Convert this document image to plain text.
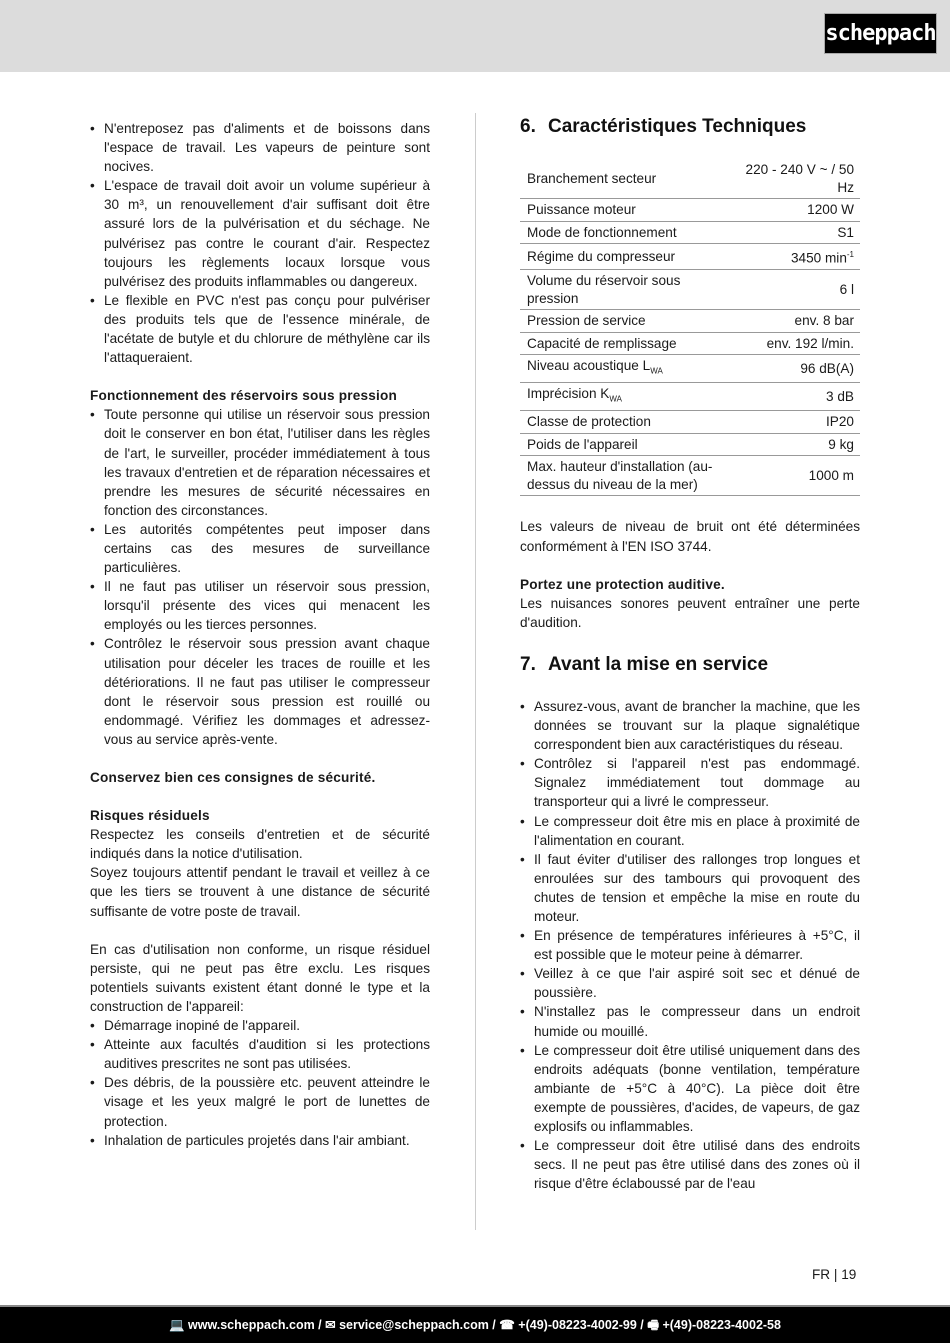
scheppach
• N'entreposez pas d'aliments et de boissons dans l'espace de travail. Les vapeurs de peinture sont nocives.
• L'espace de travail doit avoir un volume supérieur à 30 m³, un renouvellement d'air suffisant doit être assuré lors de la pulvérisation et du séchage. Ne pulvérisez pas contre le courant d'air. Respectez toujours les règlements locaux lorsque vous pulvérisez des produits inflammables ou dangereux.
• Le flexible en PVC n'est pas conçu pour pulvériser des produits tels que de l'essence minérale, de l'acétate de butyle et du chlorure de méthylène car ils l'attaqueraient.

Fonctionnement des réservoirs sous pression

• Toute personne qui utilise un réservoir sous pression doit le conserver en bon état, l'utiliser dans les règles de l'art, le surveiller, procéder immédiatement à tous les travaux d'entretien et de réparation nécessaires et prendre les mesures de sécurité nécessaires en fonction des circonstances.
• Les autorités compétentes peut imposer dans certains cas des mesures de surveillance particulières.
• Il ne faut pas utiliser un réservoir sous pression, lorsqu'il présente des vices qui menacent les employés ou les tierces personnes.
• Contrôlez le réservoir sous pression avant chaque utilisation pour déceler les traces de rouille et les détériorations. Il ne faut pas utiliser le compresseur dont le réservoir sous pression est rouillé ou endommagé. Vérifiez les dommages et adressez-vous au service après-vente.

Conservez bien ces consignes de sécurité.

Risques résiduels

Respectez les conseils d'entretien et de sécurité indiqués dans la notice d'utilisation.

Soyez toujours attentif pendant le travail et veillez à ce que les tiers se trouvent à une distance de sécurité suffisante de votre poste de travail.

En cas d'utilisation non conforme, un risque résiduel persiste, qui ne peut pas être exclu. Les risques potentiels suivants existent étant donné le type et la construction de l'appareil:

• Démarrage inopiné de l'appareil.
• Atteinte aux facultés d'audition si les protections auditives prescrites ne sont pas utilisées.
• Des débris, de la poussière etc. peuvent atteindre le visage et les yeux malgré le port de lunettes de protection.
• Inhalation de particules projetés dans l'air ambiant.
6. Caractéristiques Techniques
Branchement secteur	220 - 240 V ~ / 50 Hz
Puissance moteur	1200 W
Mode de fonctionnement	S1
Régime du compresseur	3450 $\min^{-1}$
Volume du réservoir sous pression	6 l
Pression de service	env. 8 bar
Capacité de remplissage	env. 192 l/min.
Niveau acoustique $L_{WA}$	96 dB(A)
Imprécision $K_{WA}$	3 dB
Classe de protection	IP20
Poids de l'appareil	9 kg
Max. hauteur d'installation (au-dessus du niveau de la mer)	1000 m

Les valeurs de niveau de bruit ont été déterminées conformément à l'EN ISO 3744.

Portez une protection auditive.

Les nuisances sonores peuvent entraîner une perte d'audition.

7. Avant la mise en service
• Assurez-vous, avant de brancher la machine, que les données se trouvant sur la plaque signalétique correspondent bien aux caractéristiques du réseau.
• Contrôlez si l'appareil n'est pas endommagé. Signalez immédiatement tout dommage au transporteur qui a livré le compresseur.
• Le compresseur doit être mis en place à proximité de l'alimentation en courant.
• Il faut éviter d'utiliser des rallonges trop longues et enroulées sur des tambours qui provoquent des chutes de tension et empêche la mise en route du moteur.
• En présence de températures inférieures à +5°C, il est possible que le moteur peine à démarrer.
• Veillez à ce que l'air aspiré soit sec et dénué de poussière.
• N'installez pas le compresseur dans un endroit humide ou mouillé.
• Le compresseur doit être utilisé uniquement dans des endroits adéquats (bonne ventilation, température ambiante de +5°C à 40°C). La pièce doit être exempte de poussières, d'acides, de vapeurs, de gaz explosifs ou inflammables.
• Le compresseur doit être utilisé dans des endroits secs. Il ne peut pas être utilisé dans des zones où il risque d'être éclaboussé par de l'eau
FR | 19
💻 www.scheppach.com / ✉ service@scheppach.com / ☎ +(49)-08223-4002-99 / 🖷 +(49)-08223-4002-58
